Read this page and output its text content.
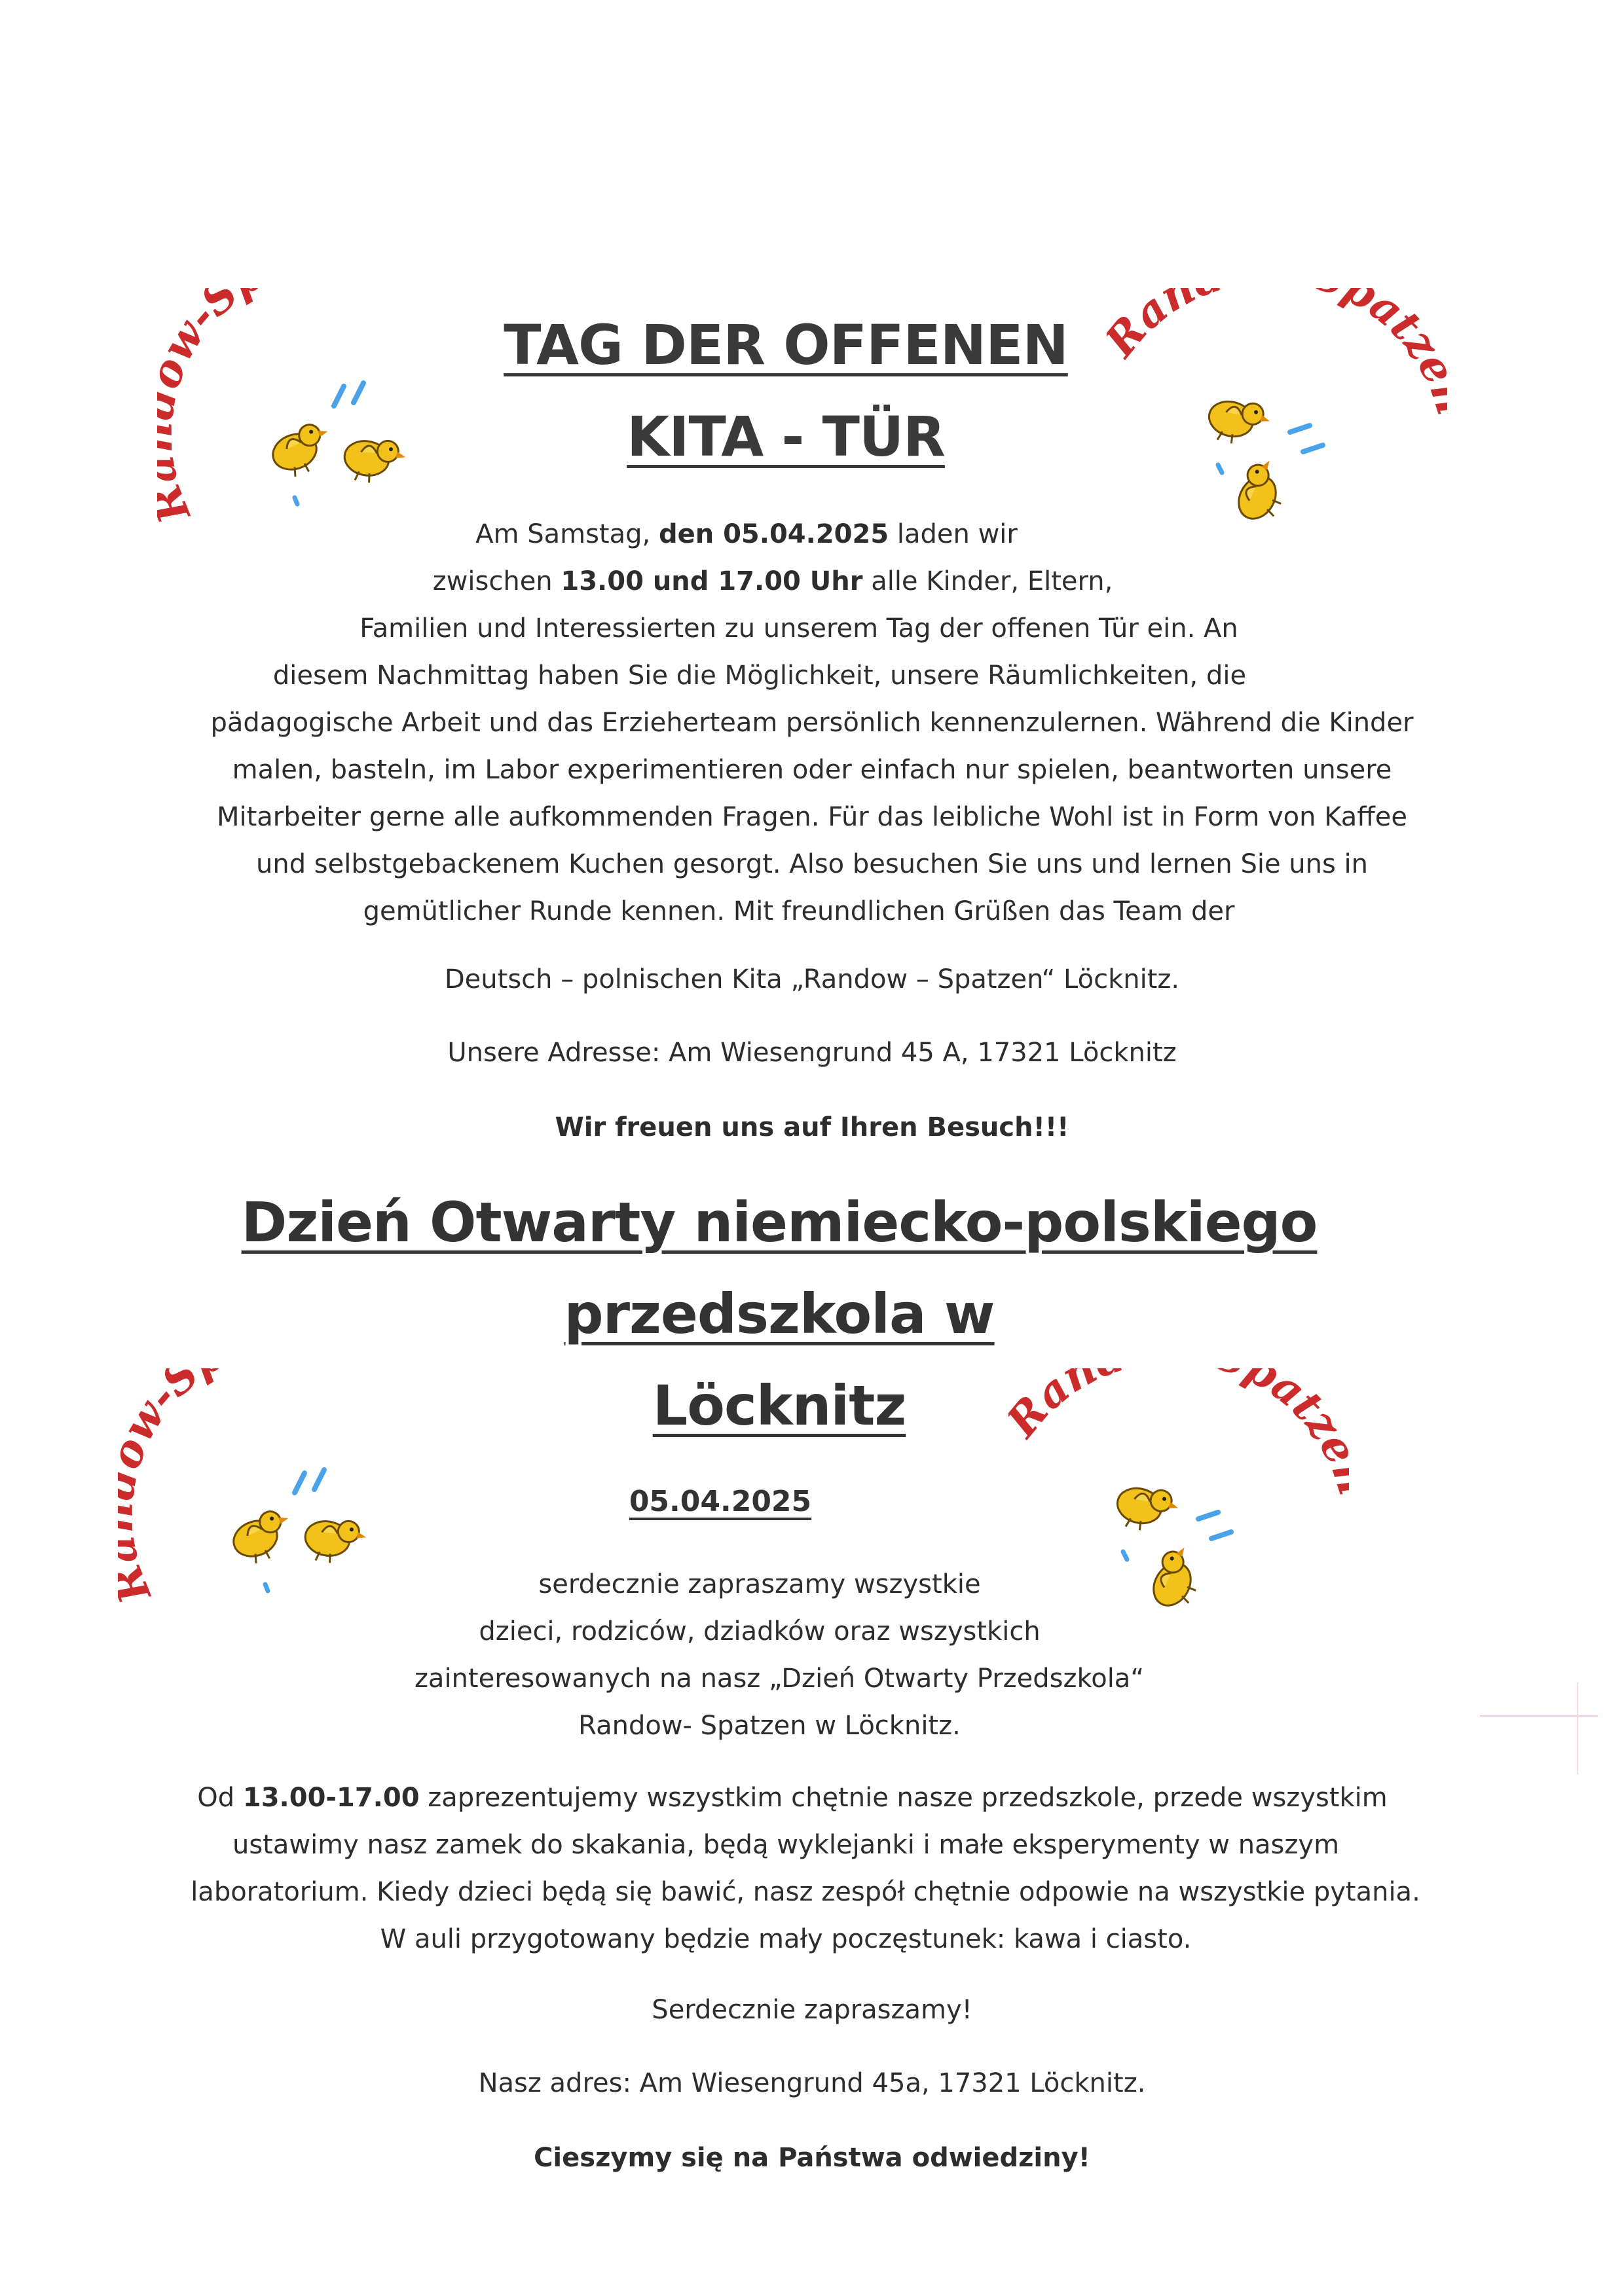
w-S	an patz
TAG DER OFFENEN
KITA - TÜR
Am Samstag, den 05.04.2025 laden wir
zwischen 13.00 und 17.00 Uhr alle Kinder, Eltern,
Familien und Interessierten zu unserem Tag der offenen Tür ein. An
diesem Nachmittag haben Sie die Möglichkeit, unsere Räumlichkeiten, die
pädagogische Arbeit und das Erzieherteam persönlich kennenzulernen. Während die Kinder
malen, basteln, im Labor experimentieren oder einfach nur spielen, beantworten unsere
Mitarbeiter gerne alle aufkommenden Fragen. Für das leibliche Wohl ist in Form von Kaffee
und selbstgebackenem Kuchen gesorgt. Also besuchen Sie uns und lernen Sie uns in
gemütlicher Runde kennen. Mit freundlichen Grüßen das Team der
Deutsch – polnischen Kita „Randow – Spatzen“ Löcknitz.
Unsere Adresse: Am Wiesengrund 45 A, 17321 Löcknitz
Wir freuen uns auf Ihren Besuch!!!
Dzień Otwarty niemiecko-polskiego
przedszkola w
Löcknitz
w-S	an patz
05.04.2025
serdecznie zapraszamy wszystkie
dzieci, rodziców, dziadków oraz wszystkich
zainteresowanych na nasz „Dzień Otwarty Przedszkola“
Randow- Spatzen w Löcknitz.
Od 13.00-17.00 zaprezentujemy wszystkim chętnie nasze przedszkole, przede wszystkim
ustawimy nasz zamek do skakania, będą wyklejanki i małe eksperymenty w naszym
laboratorium. Kiedy dzieci będą się bawić, nasz zespół chętnie odpowie na wszystkie pytania.
W auli przygotowany będzie mały poczęstunek: kawa i ciasto.
Serdecznie zapraszamy!
Nasz adres: Am Wiesengrund 45a, 17321 Löcknitz.
Cieszymy się na Państwa odwiedziny!
